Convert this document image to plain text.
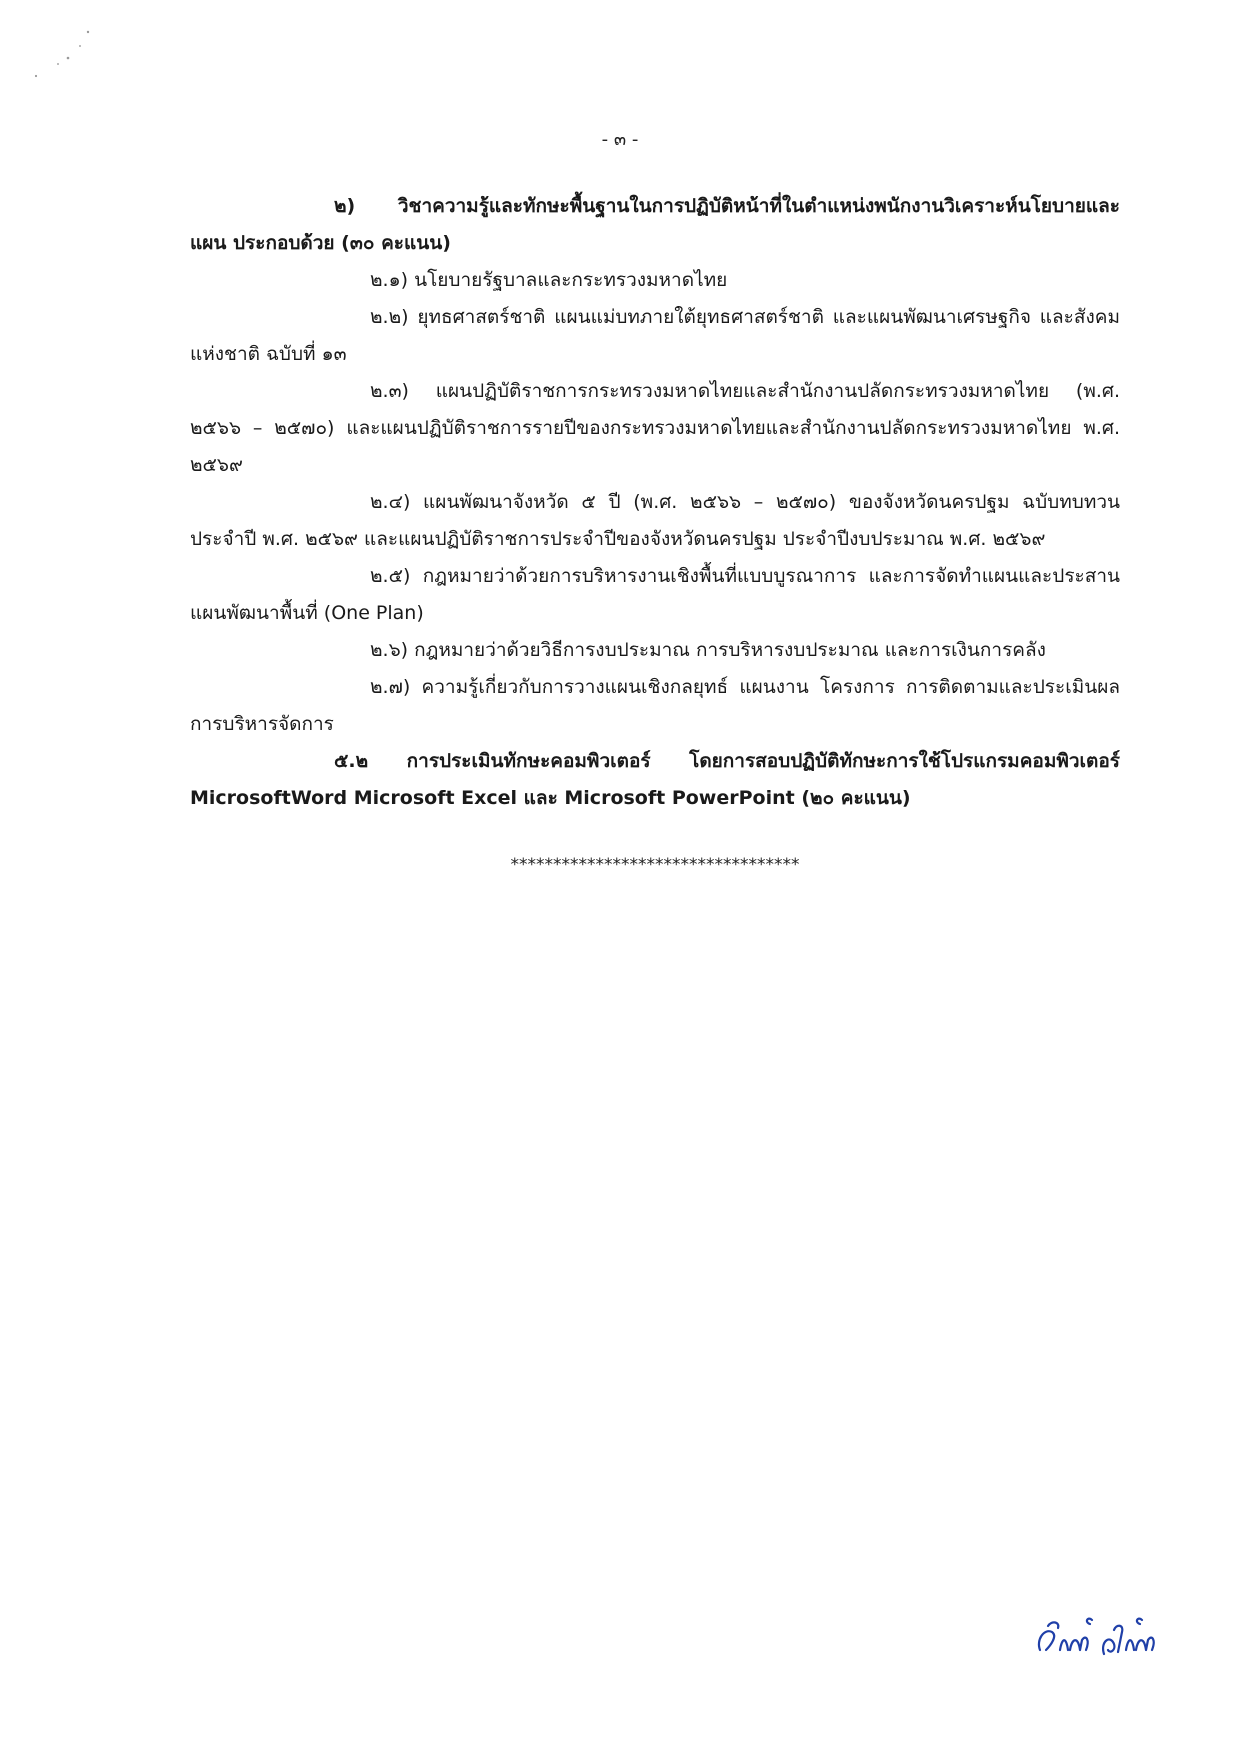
- ๓ -

๒) วิชาความรู้และทักษะพื้นฐานในการปฏิบัติหน้าที่ในตำแหน่งพนักงานวิเคราะห์นโยบายและแผน ประกอบด้วย (๓๐ คะแนน)

๒.๑) นโยบายรัฐบาลและกระทรวงมหาดไทย

๒.๒) ยุทธศาสตร์ชาติ แผนแม่บทภายใต้ยุทธศาสตร์ชาติ และแผนพัฒนาเศรษฐกิจ และสังคมแห่งชาติ ฉบับที่ ๑๓

๒.๓) แผนปฏิบัติราชการกระทรวงมหาดไทยและสำนักงานปลัดกระทรวงมหาดไทย (พ.ศ. ๒๕๖๖ – ๒๕๗๐) และแผนปฏิบัติราชการรายปีของกระทรวงมหาดไทยและสำนักงานปลัดกระทรวงมหาดไทย พ.ศ. ๒๕๖๙

๒.๔) แผนพัฒนาจังหวัด ๕ ปี (พ.ศ. ๒๕๖๖ – ๒๕๗๐) ของจังหวัดนครปฐม ฉบับทบทวน ประจำปี พ.ศ. ๒๕๖๙ และแผนปฏิบัติราชการประจำปีของจังหวัดนครปฐม ประจำปีงบประมาณ พ.ศ. ๒๕๖๙

๒.๕) กฎหมายว่าด้วยการบริหารงานเชิงพื้นที่แบบบูรณาการ และการจัดทำแผนและประสาน แผนพัฒนาพื้นที่ (One Plan)

๒.๖) กฎหมายว่าด้วยวิธีการงบประมาณ การบริหารงบประมาณ และการเงินการคลัง

๒.๗) ความรู้เกี่ยวกับการวางแผนเชิงกลยุทธ์ แผนงาน โครงการ การติดตามและประเมินผล การบริหารจัดการ

๕.๒ การประเมินทักษะคอมพิวเตอร์ โดยการสอบปฏิบัติทักษะการใช้โปรแกรมคอมพิวเตอร์ MicrosoftWord Microsoft Excel และ Microsoft PowerPoint (๒๐ คะแนน)

**********************************
